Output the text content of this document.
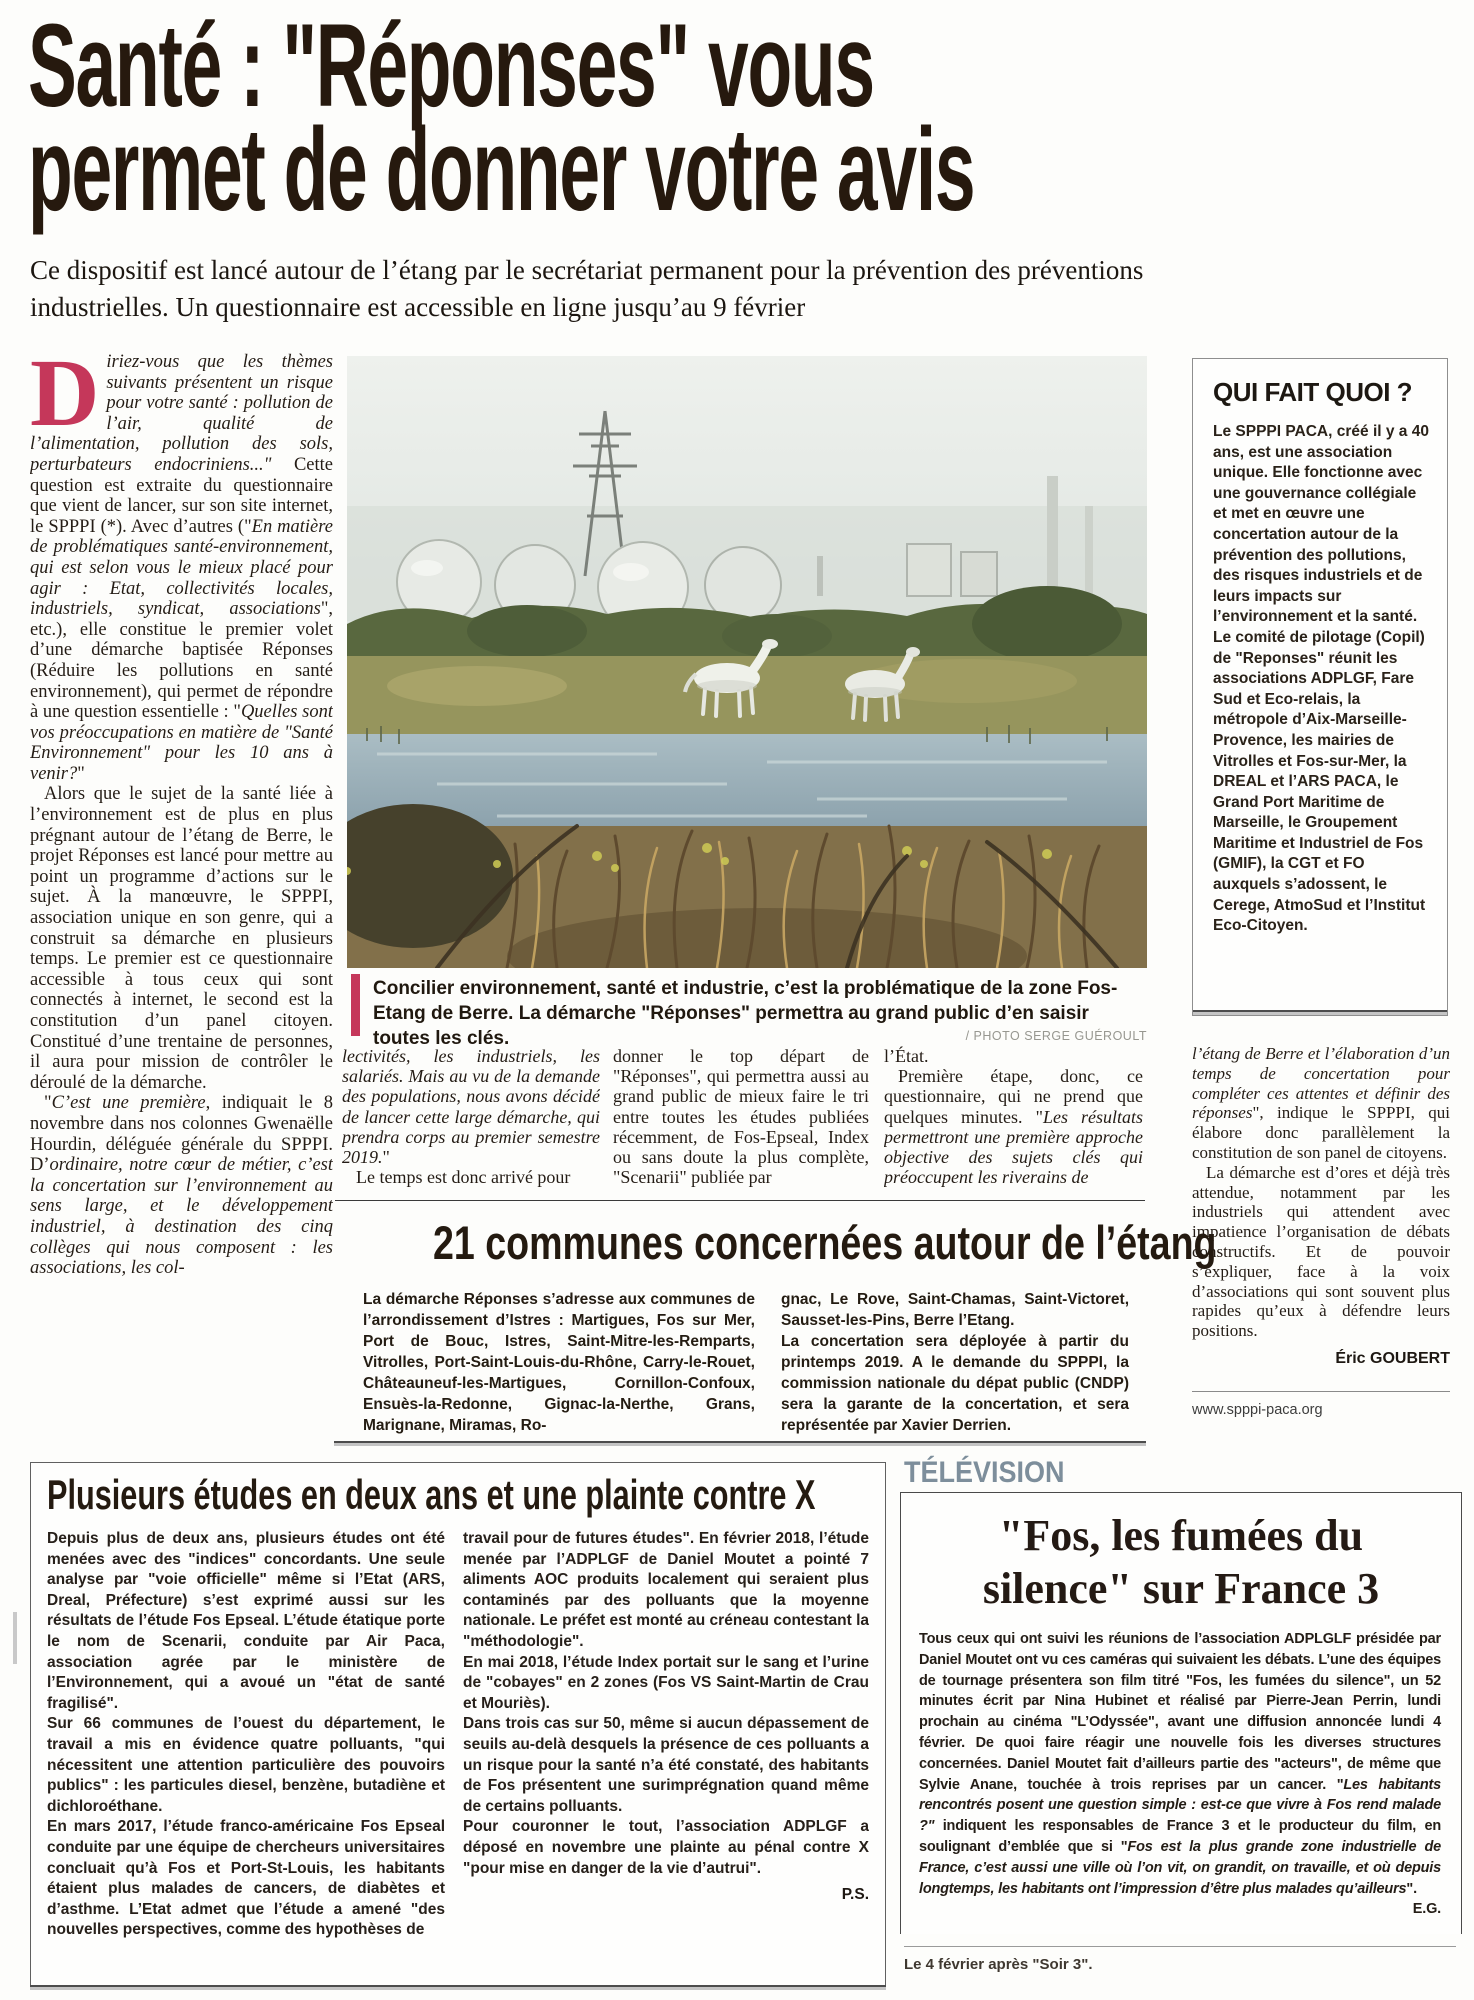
Santé : "Réponses" vous
permet de donner votre avis

Ce dispositif est lancé autour de l’étang par le secrétariat permanent pour la prévention des préventions industrielles. Un questionnaire est accessible en ligne jusqu’au 9 février

Diriez-vous que les thèmes suivants présentent un risque pour votre santé : pollution de l’air, qualité de l’alimentation, pollution des sols, perturbateurs endocriniens..." Cette question est extraite du questionnaire que vient de lancer, sur son site internet, le SPPPI (*). Avec d’autres ("En matière de problématiques santé-environnement, qui est selon vous le mieux placé pour agir : Etat, collectivités locales, industriels, syndicat, associations", etc.), elle constitue le premier volet d’une démarche baptisée Réponses (Réduire les pollutions en santé environnement), qui permet de répondre à une question essentielle : "Quelles sont vos préoccupations en matière de "Santé Environnement" pour les 10 ans à venir?"

Alors que le sujet de la santé liée à l’environnement est de plus en plus prégnant autour de l’étang de Berre, le projet Réponses est lancé pour mettre au point un programme d’actions sur le sujet. À la manœuvre, le SPPPI, association unique en son genre, qui a construit sa démarche en plusieurs temps. Le premier est ce questionnaire accessible à tous ceux qui sont connectés à internet, le second est la constitution d’un panel citoyen. Constitué d’une trentaine de personnes, il aura pour mission de contrôler le déroulé de la démarche.

"C’est une première, indiquait le 8 novembre dans nos colonnes Gwenaëlle Hourdin, déléguée générale du SPPPI. D’ordinaire, notre cœur de métier, c’est la concertation sur l’environnement au sens large, et le développement industriel, à destination des cinq collèges qui nous composent : les associations, les col-

Concilier environnement, santé et industrie, c’est la problématique de la zone Fos-Etang de Berre. La démarche "Réponses" permettra au grand public d’en saisir toutes les clés.	/ PHOTO SERGE GUÉROULT

lectivités, les industriels, les salariés. Mais au vu de la demande des populations, nous avons décidé de lancer cette large démarche, qui prendra corps au premier semestre 2019."

Le temps est donc arrivé pour

donner le top départ de "Réponses", qui permettra aussi au grand public de mieux faire le tri entre toutes les études publiées récemment, de Fos-Epseal, Index ou sans doute la plus complète, "Scenarii" publiée par

l’État.

Première étape, donc, ce questionnaire, qui ne prend que quelques minutes. "Les résultats permettront une première approche objective des sujets clés qui préoccupent les riverains de

QUI FAIT QUOI ?

Le SPPPI PACA, créé il y a 40 ans, est une association unique. Elle fonctionne avec une gouvernance collégiale et met en œuvre une concertation autour de la prévention des pollutions, des risques industriels et de leurs impacts sur l’environnement et la santé.

Le comité de pilotage (Copil) de "Reponses" réunit les associations ADPLGF, Fare Sud et Eco-relais, la métropole d’Aix-Marseille-Provence, les mairies de Vitrolles et Fos-sur-Mer, la DREAL et l’ARS PACA, le Grand Port Maritime de Marseille, le Groupement Maritime et Industriel de Fos (GMIF), la CGT et FO auxquels s’adossent, le Cerege, AtmoSud et l’Institut Eco-Citoyen.

l’étang de Berre et l’élaboration d’un temps de concertation pour compléter ces attentes et définir des réponses", indique le SPPPI, qui élabore donc parallèlement la constitution de son panel de citoyens.

La démarche est d’ores et déjà très attendue, notamment par les industriels qui attendent avec impatience l’organisation de débats constructifs. Et de pouvoir s’expliquer, face à la voix d’associations qui sont souvent plus rapides qu’eux à défendre leurs positions.

Éric GOUBERT
www.spppi-paca.org
21 communes concernées autour de l’étang

La démarche Réponses s’adresse aux communes de l’arrondissement d’Istres : Martigues, Fos sur Mer, Port de Bouc, Istres, Saint-Mitre-les-Remparts, Vitrolles, Port-Saint-Louis-du-Rhône, Carry-le-Rouet, Châteauneuf-les-Martigues, Cornillon-Confoux, Ensuès-la-Redonne, Gignac-la-Nerthe, Grans, Marignane, Miramas, Ro-

gnac, Le Rove, Saint-Chamas, Saint-Victoret, Sausset-les-Pins, Berre l’Etang.

La concertation sera déployée à partir du printemps 2019. A le demande du SPPPI, la commission nationale du dépat public (CNDP) sera la garante de la concertation, et sera représentée par Xavier Derrien.

Plusieurs études en deux ans et une plainte contre X

Depuis plus de deux ans, plusieurs études ont été menées avec des "indices" concordants. Une seule analyse par "voie officielle" même si l’Etat (ARS, Dreal, Préfecture) s’est exprimé aussi sur les résultats de l’étude Fos Epseal. L’étude étatique porte le nom de Scenarii, conduite par Air Paca, association agrée par le ministère de l’Environnement, qui a avoué un "état de santé fragilisé".

Sur 66 communes de l’ouest du département, le travail a mis en évidence quatre polluants, "qui nécessitent une attention particulière des pouvoirs publics" : les particules diesel, benzène, butadiène et dichloroéthane.

En mars 2017, l’étude franco-américaine Fos Epseal conduite par une équipe de chercheurs universitaires concluait qu’à Fos et Port-St-Louis, les habitants étaient plus malades de cancers, de diabètes et d’asthme. L’Etat admet que l’étude a amené "des nouvelles perspectives, comme des hypothèses de

travail pour de futures études". En février 2018, l’étude menée par l’ADPLGF de Daniel Moutet a pointé 7 aliments AOC produits localement qui seraient plus contaminés par des polluants que la moyenne nationale. Le préfet est monté au créneau contestant la "méthodologie".

En mai 2018, l’étude Index portait sur le sang et l’urine de "cobayes" en 2 zones (Fos VS Saint-Martin de Crau et Mouriès).

Dans trois cas sur 50, même si aucun dépassement de seuils au-delà desquels la présence de ces polluants a un risque pour la santé n’a été constaté, des habitants de Fos présentent une surimprégnation quand même de certains polluants.

Pour couronner le tout, l’association ADPLGF a déposé en novembre une plainte au pénal contre X "pour mise en danger de la vie d’autrui".

P.S.
TÉLÉVISION
"Fos, les fumées du
silence" sur France 3

Tous ceux qui ont suivi les réunions de l’association ADPLGLF présidée par Daniel Moutet ont vu ces caméras qui suivaient les débats. L’une des équipes de tournage présentera son film titré "Fos, les fumées du silence", un 52 minutes écrit par Nina Hubinet et réalisé par Pierre-Jean Perrin, lundi prochain au cinéma "L’Odyssée", avant une diffusion annoncée lundi 4 février. De quoi faire réagir une nouvelle fois les diverses structures concernées. Daniel Moutet fait d’ailleurs partie des "acteurs", de même que Sylvie Anane, touchée à trois reprises par un cancer. "Les habitants rencontrés posent une question simple : est-ce que vivre à Fos rend malade ?" indiquent les responsables de France 3 et le producteur du film, en soulignant d’emblée que si "Fos est la plus grande zone industrielle de France, c’est aussi une ville où l’on vit, on grandit, on travaille, et où depuis longtemps, les habitants ont l’impression d’être plus malades qu’ailleurs".
E.G.

Le 4 février après "Soir 3".
